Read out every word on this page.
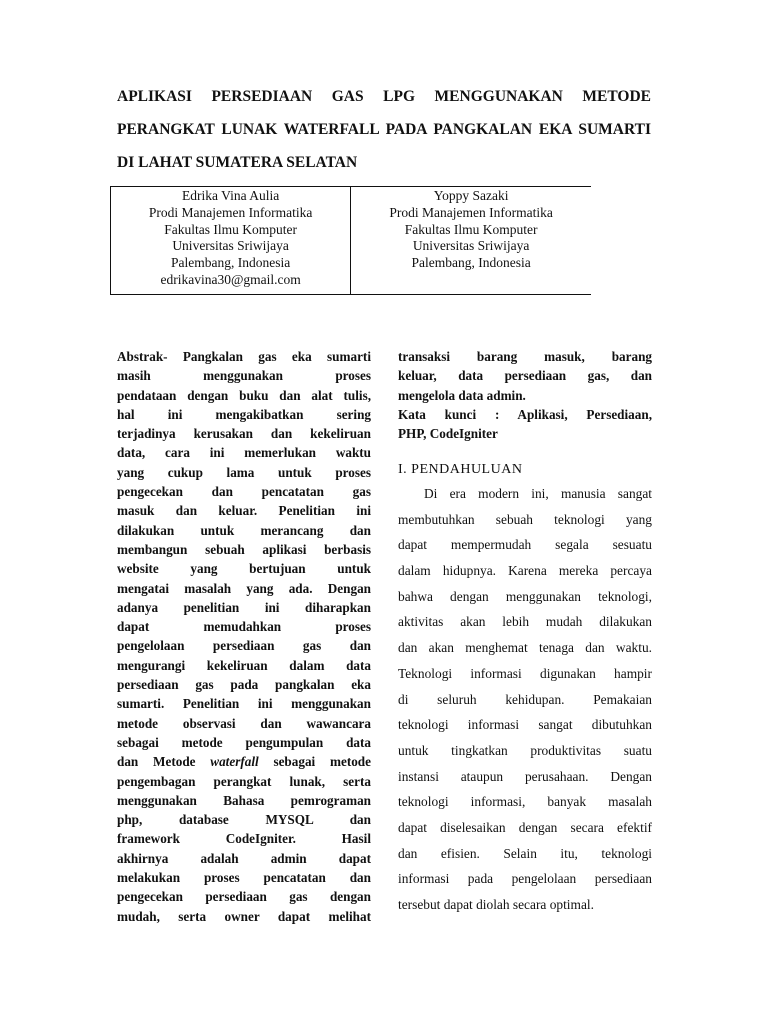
APLIKASI PERSEDIAAN GAS LPG MENGGUNAKAN METODE
PERANGKAT LUNAK WATERFALL PADA PANGKALAN EKA SUMARTI
DI LAHAT SUMATERA SELATAN
Edrika Vina Aulia
Prodi Manajemen Informatika
Fakultas Ilmu Komputer
Universitas Sriwijaya
Palembang, Indonesia
edrikavina30@gmail.com

Yoppy Sazaki
Prodi Manajemen Informatika
Fakultas Ilmu Komputer
Universitas Sriwijaya
Palembang, Indonesia
Abstrak- Pangkalan gas eka sumarti
masih menggunakan proses
pendataan dengan buku dan alat tulis,
hal ini mengakibatkan sering
terjadinya kerusakan dan kekeliruan
data, cara ini memerlukan waktu
yang cukup lama untuk proses
pengecekan dan pencatatan gas
masuk dan keluar. Penelitian ini
dilakukan untuk merancang dan
membangun sebuah aplikasi berbasis
website yang bertujuan untuk
mengatai masalah yang ada. Dengan
adanya penelitian ini diharapkan
dapat memudahkan proses
pengelolaan persediaan gas dan
mengurangi kekeliruan dalam data
persediaan gas pada pangkalan eka
sumarti. Penelitian ini menggunakan
metode observasi dan wawancara
sebagai metode pengumpulan data
dan Metode waterfall sebagai metode
pengembagan perangkat lunak, serta
menggunakan Bahasa pemrograman
php, database MYSQL dan
framework CodeIgniter. Hasil
akhirnya adalah admin dapat
melakukan proses pencatatan dan
pengecekan persediaan gas dengan
mudah, serta owner dapat melihat
transaksi barang masuk, barang
keluar, data persediaan gas, dan
mengelola data admin.
Kata kunci : Aplikasi, Persediaan,
PHP, CodeIgniter
I. PENDAHULUAN
Di era modern ini, manusia sangat
membutuhkan sebuah teknologi yang
dapat mempermudah segala sesuatu
dalam hidupnya. Karena mereka percaya
bahwa dengan menggunakan teknologi,
aktivitas akan lebih mudah dilakukan
dan akan menghemat tenaga dan waktu.
Teknologi informasi digunakan hampir
di seluruh kehidupan. Pemakaian
teknologi informasi sangat dibutuhkan
untuk tingkatkan produktivitas suatu
instansi ataupun perusahaan. Dengan
teknologi informasi, banyak masalah
dapat diselesaikan dengan secara efektif
dan efisien. Selain itu, teknologi
informasi pada pengelolaan persediaan
tersebut dapat diolah secara optimal.
